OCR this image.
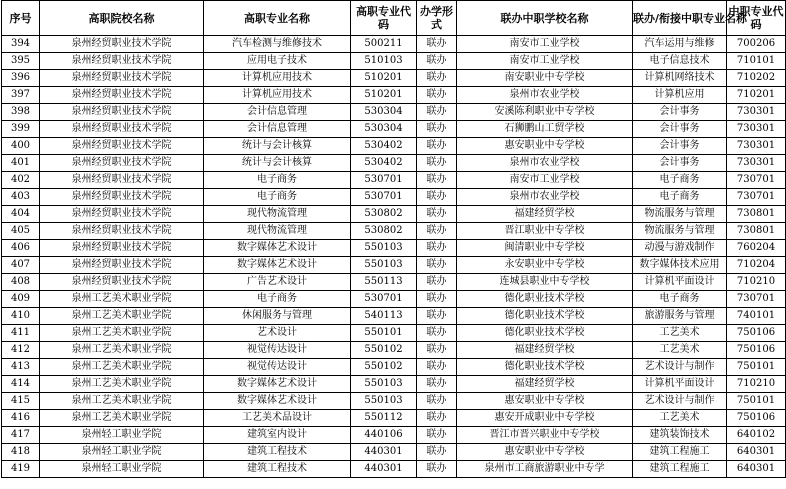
序号	高职院校名称	高职专业名称	高职专业代码	办学形式	联办中职学校名称	联办/衔接中职专业名称	中职专业代码
394	泉州经贸职业技术学院	汽车检测与维修技术	500211	联办	南安市工业学校	汽车运用与维修	700206
395	泉州经贸职业技术学院	应用电子技术	510103	联办	南安市工业学校	电子信息技术	710101
396	泉州经贸职业技术学院	计算机应用技术	510201	联办	南安职业中专学校	计算机网络技术	710202
397	泉州经贸职业技术学院	计算机应用技术	510201	联办	泉州市农业学校	计算机应用	710201
398	泉州经贸职业技术学院	会计信息管理	530304	联办	安溪陈利职业中专学校	会计事务	730301
399	泉州经贸职业技术学院	会计信息管理	530304	联办	石狮鹏山工贸学校	会计事务	730301
400	泉州经贸职业技术学院	统计与会计核算	530402	联办	惠安职业中专学校	会计事务	730301
401	泉州经贸职业技术学院	统计与会计核算	530402	联办	泉州市农业学校	会计事务	730301
402	泉州经贸职业技术学院	电子商务	530701	联办	南安市工业学校	电子商务	730701
403	泉州经贸职业技术学院	电子商务	530701	联办	泉州市农业学校	电子商务	730701
404	泉州经贸职业技术学院	现代物流管理	530802	联办	福建经贸学校	物流服务与管理	730801
405	泉州经贸职业技术学院	现代物流管理	530802	联办	晋江职业中专学校	物流服务与管理	730801
406	泉州经贸职业技术学院	数字媒体艺术设计	550103	联办	闽清职业中专学校	动漫与游戏制作	760204
407	泉州经贸职业技术学院	数字媒体艺术设计	550103	联办	永安职业中专学校	数字媒体技术应用	710204
408	泉州经贸职业技术学院	广告艺术设计	550113	联办	连城县职业中专学校	计算机平面设计	710210
409	泉州工艺美术职业学院	电子商务	530701	联办	德化职业技术学校	电子商务	730701
410	泉州工艺美术职业学院	休闲服务与管理	540113	联办	德化职业技术学校	旅游服务与管理	740101
411	泉州工艺美术职业学院	艺术设计	550101	联办	德化职业技术学校	工艺美术	750106
412	泉州工艺美术职业学院	视觉传达设计	550102	联办	福建经贸学校	工艺美术	750106
413	泉州工艺美术职业学院	视觉传达设计	550102	联办	德化职业技术学校	艺术设计与制作	750101
414	泉州工艺美术职业学院	数字媒体艺术设计	550103	联办	福建经贸学校	计算机平面设计	710210
415	泉州工艺美术职业学院	数字媒体艺术设计	550103	联办	惠安职业中专学校	艺术设计与制作	750101
416	泉州工艺美术职业学院	工艺美术品设计	550112	联办	惠安开成职业中专学校	工艺美术	750106
417	泉州轻工职业学院	建筑室内设计	440106	联办	晋江市晋兴职业中专学校	建筑装饰技术	640102
418	泉州轻工职业学院	建筑工程技术	440301	联办	惠安职业中专学校	建筑工程施工	640301
419	泉州轻工职业学院	建筑工程技术	440301	联办	泉州市工商旅游职业中专学	建筑工程施工	640301
